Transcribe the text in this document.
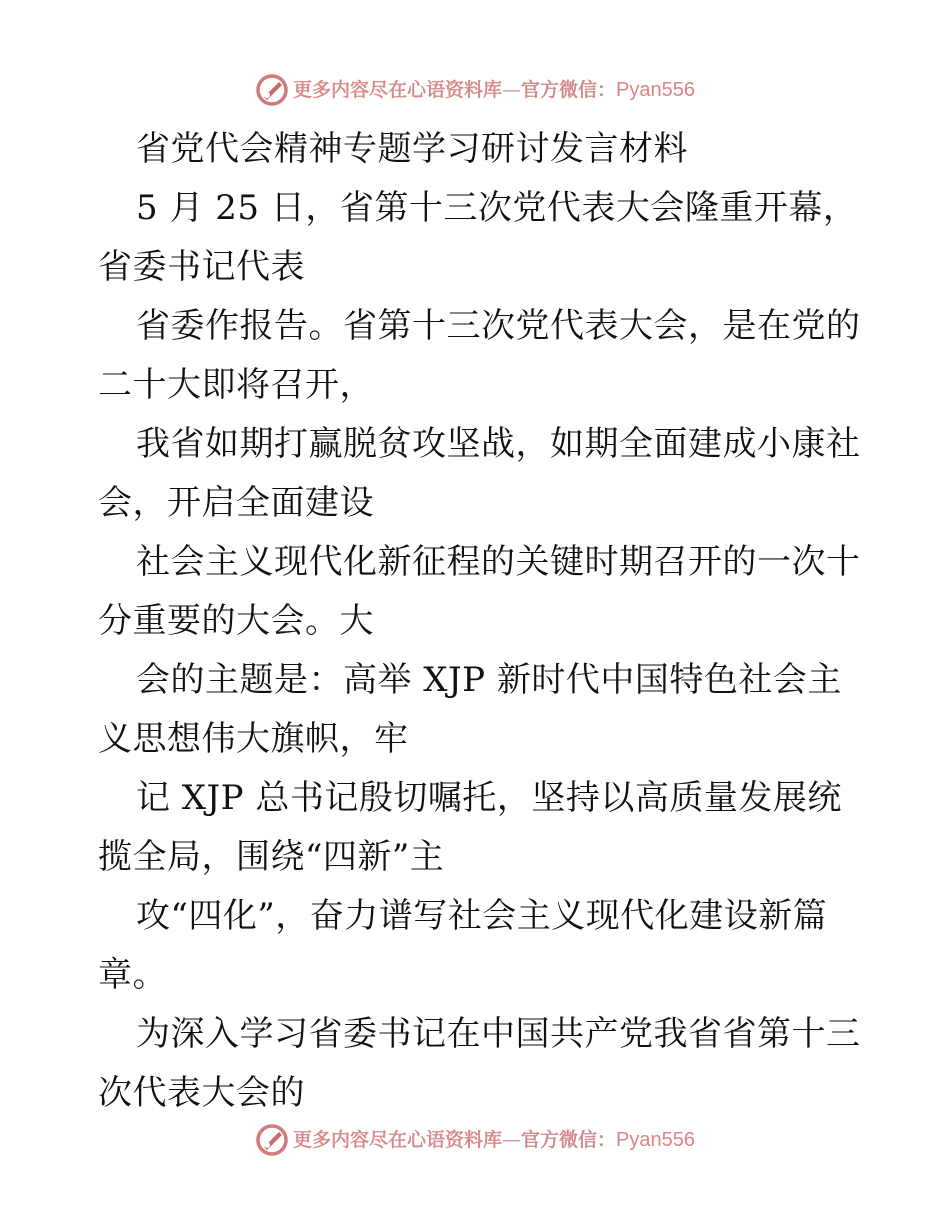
更多内容尽在心语资料库 — 官方微信： Pyan556
省党代会精神专题学习研讨发言材料
5 月 25 日，省第十三次党代表大会隆重开幕，
省委书记代表
省委作报告。省第十三次党代表大会，是在党的
二十大即将召开，
我省如期打赢脱贫攻坚战，如期全面建成小康社
会，开启全面建设
社会主义现代化新征程的关键时期召开的一次十
分重要的大会。大
会的主题是：高举 XJP 新时代中国特色社会主
义思想伟大旗帜，牢
记 XJP 总书记殷切嘱托，坚持以高质量发展统
揽全局，围绕“四新”主
攻“四化”，奋力谱写社会主义现代化建设新篇
章。
为深入学习省委书记在中国共产党我省省第十三
次代表大会的
更多内容尽在心语资料库 — 官方微信： Pyan556
